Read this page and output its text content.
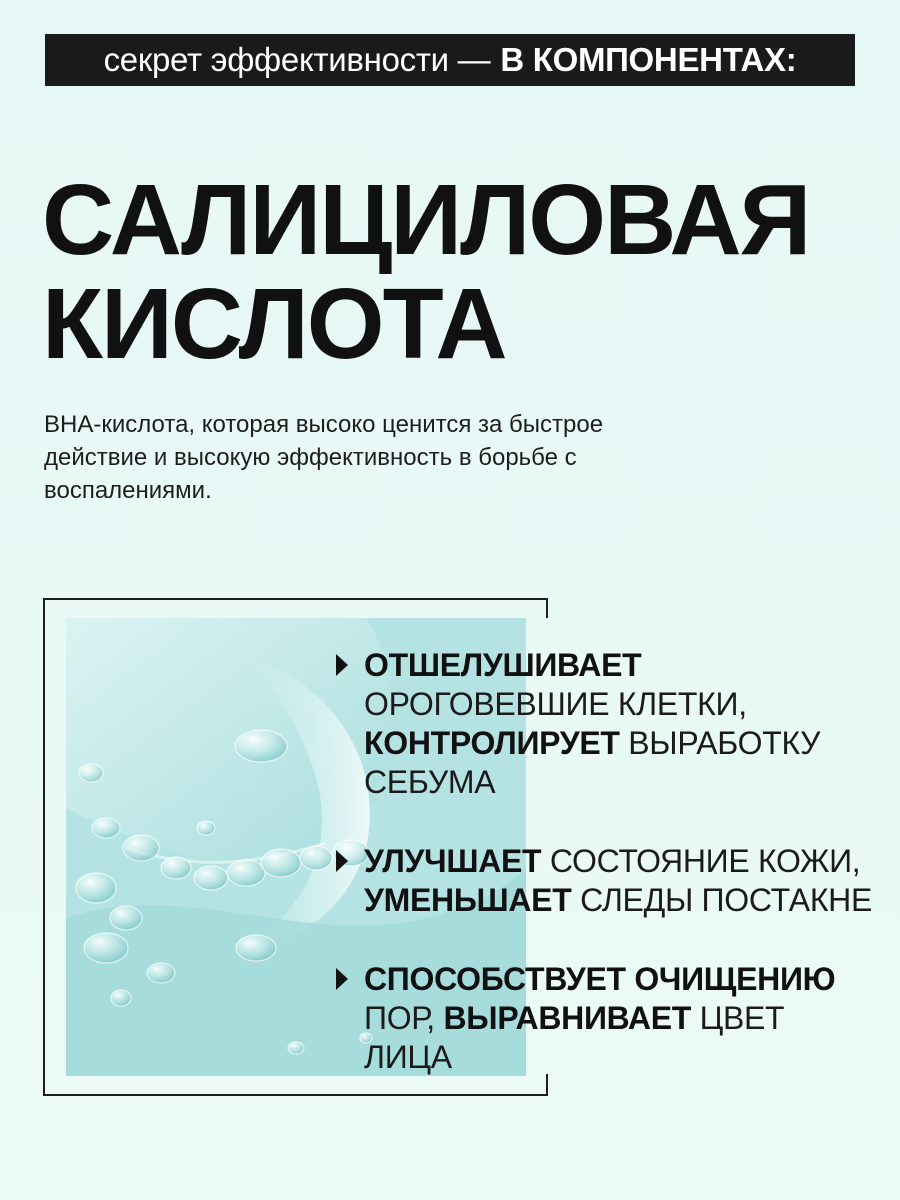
секрет эффективности — В КОМПОНЕНТАХ:
САЛИЦИЛОВАЯ
КИСЛОТА
ВНА-кислота, которая высоко ценится за быстрое действие и высокую эффективность в борьбе с воспалениями.

ОТШЕЛУШИВАЕТ ОРОГОВЕВШИЕ КЛЕТКИ, КОНТРОЛИРУЕТ ВЫРАБОТКУ СЕБУМА

УЛУЧШАЕТ СОСТОЯНИЕ КОЖИ, УМЕНЬШАЕТ СЛЕДЫ ПОСТАКНЕ

СПОСОБСТВУЕТ ОЧИЩЕНИЮ ПОР, ВЫРАВНИВАЕТ ЦВЕТ ЛИЦА
